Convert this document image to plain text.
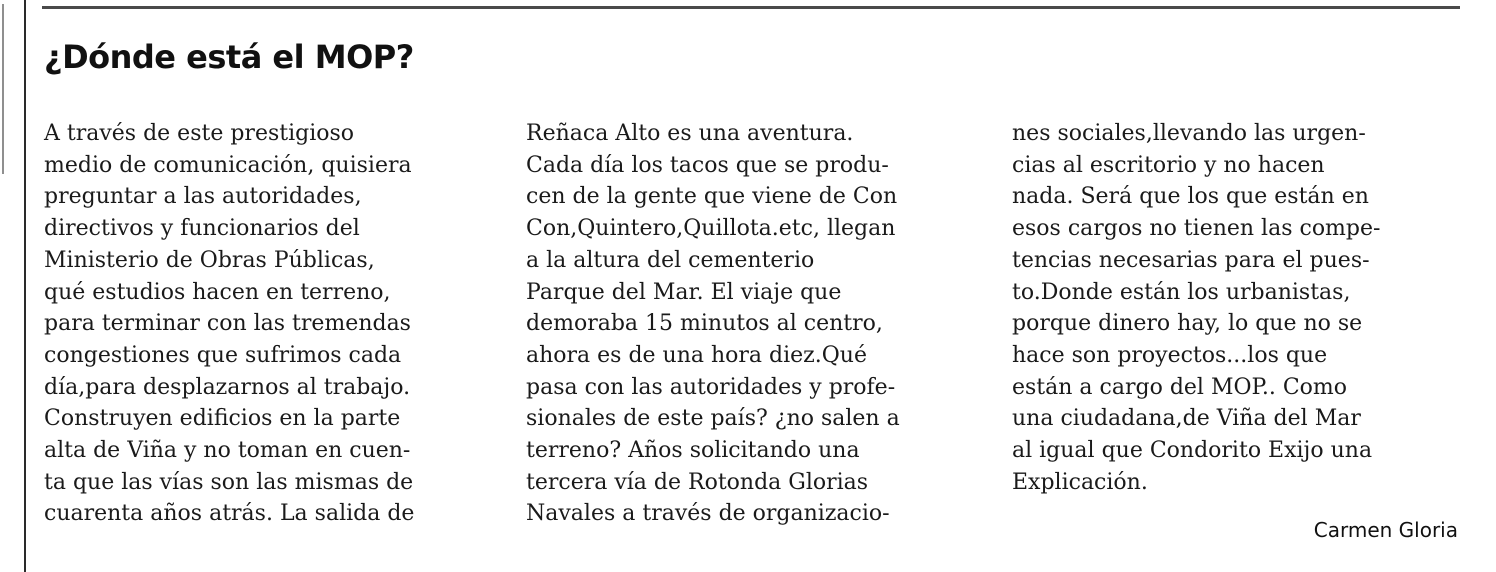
¿Dónde está el MOP?
A través de este prestigioso
medio de comunicación, quisiera
preguntar a las autoridades,
directivos y funcionarios del
Ministerio de Obras Públicas,
qué estudios hacen en terreno,
para terminar con las tremendas
congestiones que sufrimos cada
día,para desplazarnos al trabajo.
Construyen edificios en la parte
alta de Viña y no toman en cuen-
ta que las vías son las mismas de
cuarenta años atrás. La salida de
Reñaca Alto es una aventura.
Cada día los tacos que se produ-
cen de la gente que viene de Con
Con,Quintero,Quillota.etc, llegan
a la altura del cementerio
Parque del Mar. El viaje que
demoraba 15 minutos al centro,
ahora es de una hora diez.Qué
pasa con las autoridades y profe-
sionales de este país? ¿no salen a
terreno? Años solicitando una
tercera vía de Rotonda Glorias
Navales a través de organizacio-
nes sociales,llevando las urgen-
cias al escritorio y no hacen
nada. Será que los que están en
esos cargos no tienen las compe-
tencias necesarias para el pues-
to.Donde están los urbanistas,
porque dinero hay, lo que no se
hace son proyectos...los que
están a cargo del MOP.. Como
una ciudadana,de Viña del Mar
al igual que Condorito Exijo una
Explicación.
Carmen Gloria
